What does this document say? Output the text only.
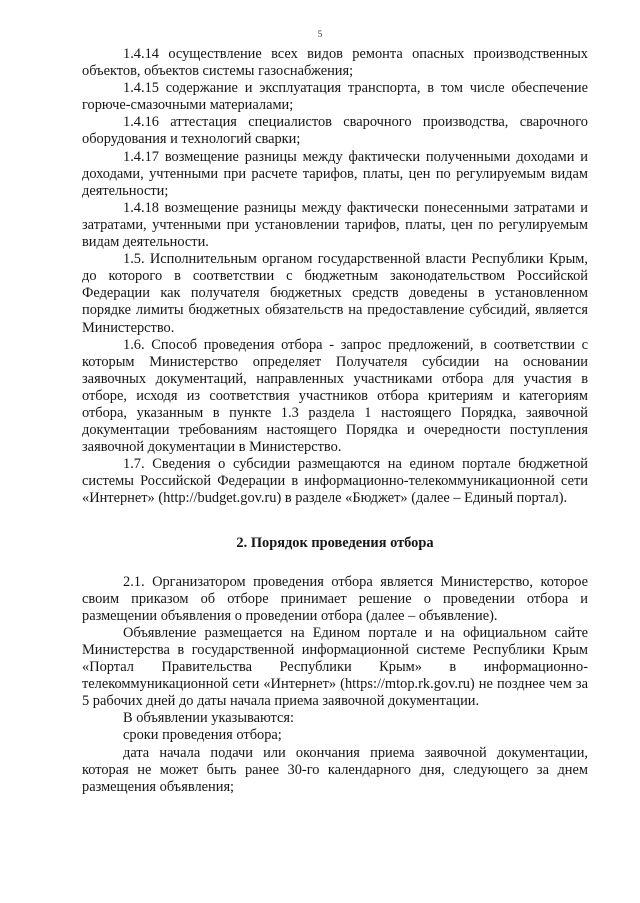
5

1.4.14 осуществление всех видов ремонта опасных производственных объектов, объектов системы газоснабжения;

1.4.15 содержание и эксплуатация транспорта, в том числе обеспечение горюче-смазочными материалами;

1.4.16 аттестация специалистов сварочного производства, сварочного оборудования и технологий сварки;

1.4.17 возмещение разницы между фактически полученными доходами и доходами, учтенными при расчете тарифов, платы, цен по регулируемым видам деятельности;

1.4.18 возмещение разницы между фактически понесенными затратами и затратами, учтенными при установлении тарифов, платы, цен по регулируемым видам деятельности.

1.5. Исполнительным органом государственной власти Республики Крым, до которого в соответствии с бюджетным законодательством Российской Федерации как получателя бюджетных средств доведены в установленном порядке лимиты бюджетных обязательств на предоставление субсидий, является Министерство.

1.6. Способ проведения отбора - запрос предложений, в соответствии с которым Министерство определяет Получателя субсидии на основании заявочных документаций, направленных участниками отбора для участия в отборе, исходя из соответствия участников отбора критериям и категориям отбора, указанным в пункте 1.3 раздела 1 настоящего Порядка, заявочной документации требованиям настоящего Порядка и очередности поступления заявочной документации в Министерство.

1.7. Сведения о субсидии размещаются на едином портале бюджетной системы Российской Федерации в информационно-телекоммуникационной сети «Интернет» (http://budget.gov.ru) в разделе «Бюджет» (далее – Единый портал).

2. Порядок проведения отбора

2.1. Организатором проведения отбора является Министерство, которое своим приказом об отборе принимает решение о проведении отбора и размещении объявления о проведении отбора (далее – объявление).

Объявление размещается на Едином портале и на официальном сайте Министерства в государственной информационной системе Республики Крым «Портал Правительства Республики Крым» в информационно-телекоммуникационной сети «Интернет» (https://mtop.rk.gov.ru) не позднее чем за 5 рабочих дней до даты начала приема заявочной документации.

В объявлении указываются:

сроки проведения отбора;

дата начала подачи или окончания приема заявочной документации, которая не может быть ранее 30-го календарного дня, следующего за днем размещения объявления;
